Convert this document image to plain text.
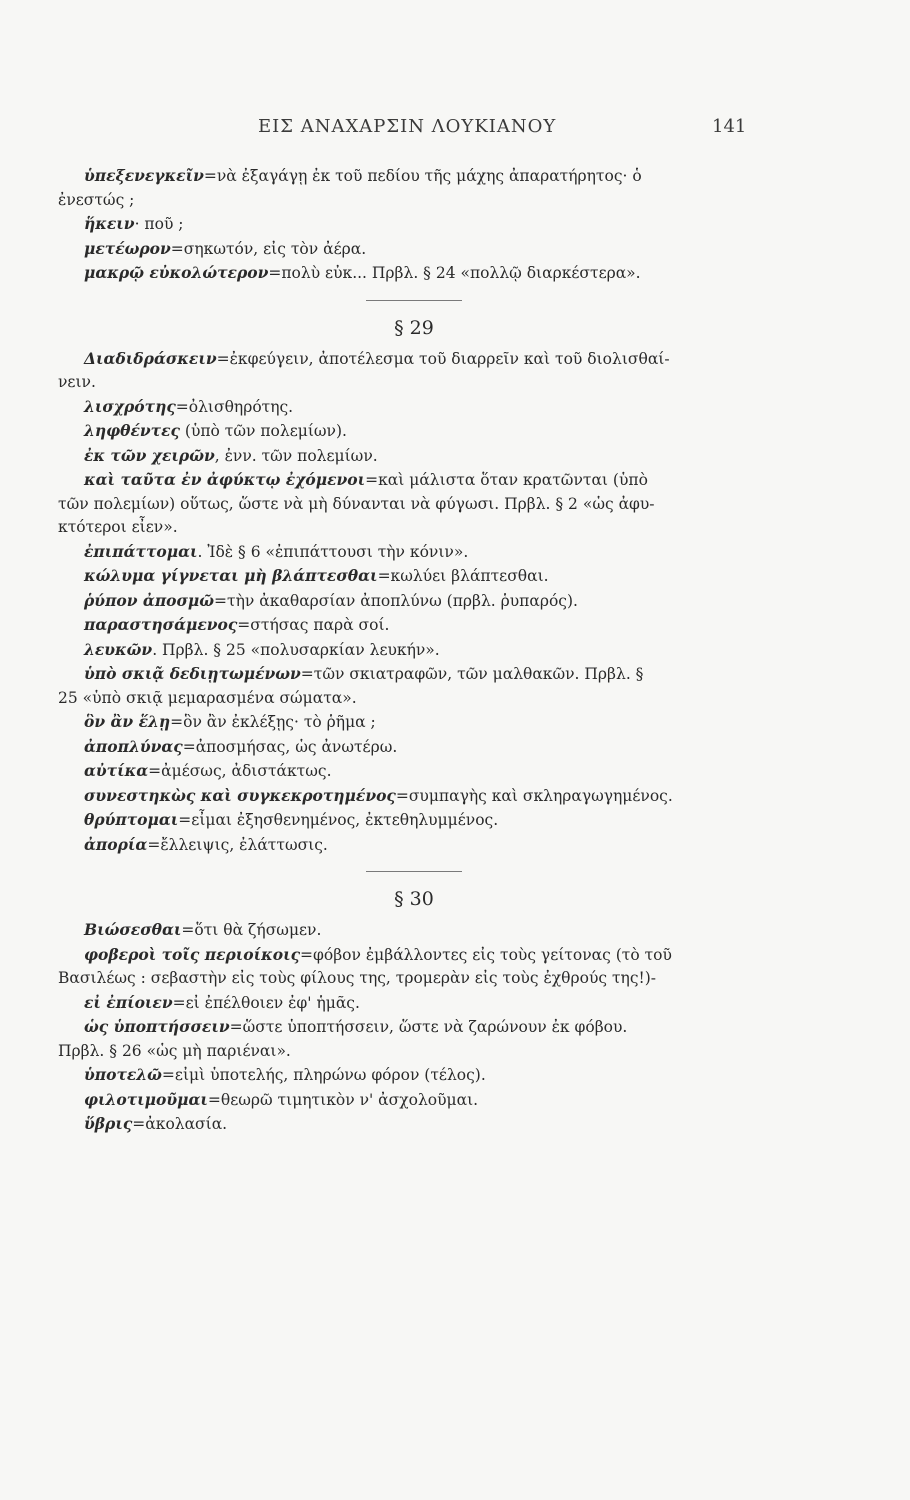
ΕΙΣ ΑΝΑΧΑΡΣΙΝ ΛΟΥΚΙΑΝΟΥ	141

ὑπεξενεγκεῖν=νὰ ἐξαγάγῃ ἐκ τοῦ πεδίου τῆς μάχης ἀπαρατήρητος· ὁ

ἐνεστώς ;

ἥκειν· ποῦ ;

μετέωρον=σηκωτόν, εἰς τὸν ἀέρα.

μακρῷ εὐκολώτερον=πολὺ εὐκ... Πρβλ. § 24 «πολλῷ διαρκέστερα».

§ 29

Διαδιδράσκειν=ἐκφεύγειν, ἀποτέλεσμα τοῦ διαρρεῖν καὶ τοῦ διολισθαί-

νειν.

λισχρότης=ὀλισθηρότης.

ληφθέντες (ὑπὸ τῶν πολεμίων).

ἐκ τῶν χειρῶν, ἐνν. τῶν πολεμίων.

καὶ ταῦτα ἐν ἀφύκτῳ ἐχόμενοι=καὶ μάλιστα ὅταν κρατῶνται (ὑπὸ

τῶν πολεμίων) οὕτως, ὥστε νὰ μὴ δύνανται νὰ φύγωσι. Πρβλ. § 2 «ὡς ἀφυ-

κτότεροι εἶεν».

ἐπιπάττομαι. Ἰδὲ § 6 «ἐπιπάττουσι τὴν κόνιν».

κώλυμα γίγνεται μὴ βλάπτεσθαι=κωλύει βλάπτεσθαι.

ῥύπον ἀποσμῶ=τὴν ἀκαθαρσίαν ἀποπλύνω (πρβλ. ῥυπαρός).

παραστησάμενος=στήσας παρὰ σοί.

λευκῶν. Πρβλ. § 25 «πολυσαρκίαν λευκήν».

ὑπὸ σκιᾷ δεδιῃτωμένων=τῶν σκιατραφῶν, τῶν μαλθακῶν. Πρβλ. §

25 «ὑπὸ σκιᾷ μεμαρασμένα σώματα».

ὃν ἂν ἕλῃ=ὃν ἂν ἐκλέξῃς· τὸ ῥῆμα ;

ἀποπλύνας=ἀποσμήσας, ὡς ἀνωτέρω.

αὐτίκα=ἀμέσως, ἀδιστάκτως.

συνεστηκὼς καὶ συγκεκροτημένος=συμπαγὴς καὶ σκληραγωγημένος.

θρύπτομαι=εἶμαι ἐξησθενημένος, ἐκτεθηλυμμένος.

ἀπορία=ἔλλειψις, ἐλάττωσις.

§ 30

Βιώσεσθαι=ὅτι θὰ ζήσωμεν.

φοβεροὶ τοῖς περιοίκοις=φόβον ἐμβάλλοντες εἰς τοὺς γείτονας (τὸ τοῦ

Βασιλέως : σεβαστὴν εἰς τοὺς φίλους της, τρομερὰν εἰς τοὺς ἐχθρούς της!)-

εἰ ἐπίοιεν=εἰ ἐπέλθοιεν ἐφ' ἡμᾶς.

ὡς ὑποπτήσσειν=ὥστε ὑποπτήσσειν, ὥστε νὰ ζαρώνουν ἐκ φόβου.

Πρβλ. § 26 «ὡς μὴ παριέναι».

ὑποτελῶ=εἰμὶ ὑποτελής, πληρώνω φόρον (τέλος).

φιλοτιμοῦμαι=θεωρῶ τιμητικὸν ν' ἀσχολοῦμαι.

ὕβρις=ἀκολασία.
